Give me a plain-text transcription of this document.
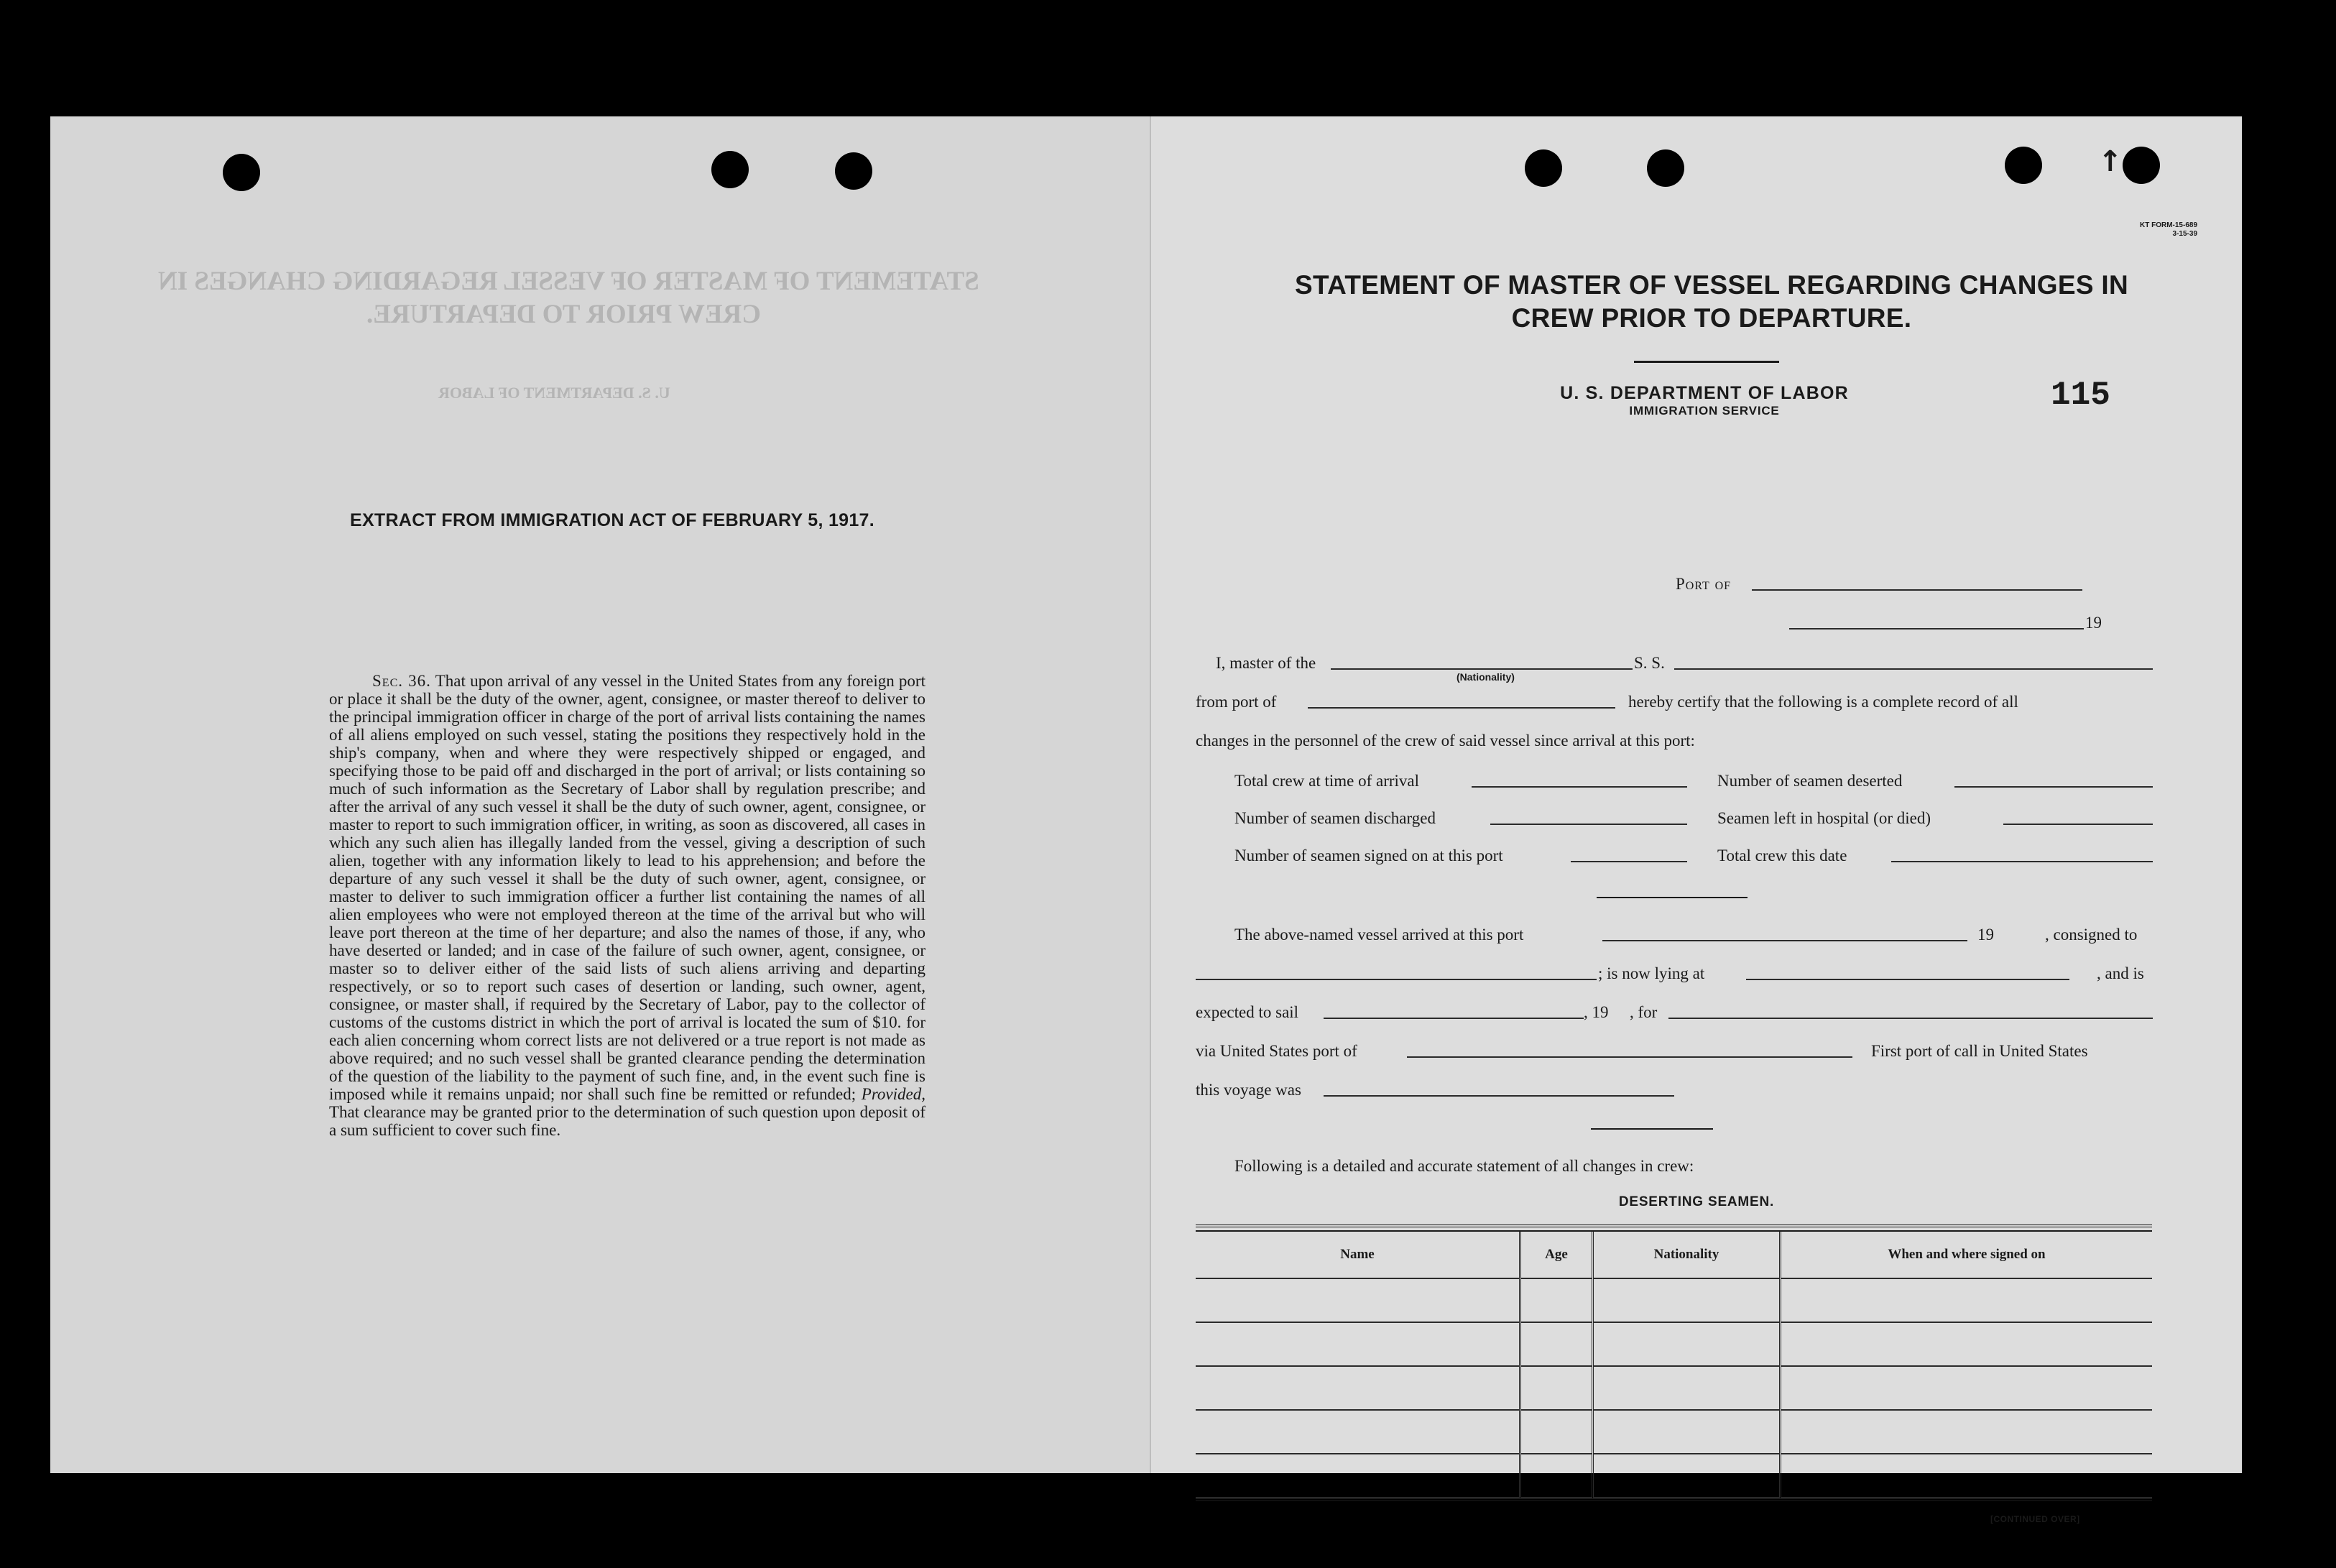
STATEMENT OF MASTER OF VESSEL REGARDING CHANGES IN
CREW PRIOR TO DEPARTURE.
U. S. DEPARTMENT OF LABOR
EXTRACT FROM IMMIGRATION ACT OF FEBRUARY 5, 1917.

Sec. 36. That upon arrival of any vessel in the United States from any foreign port or place it shall be the duty of the owner, agent, consignee, or master thereof to deliver to the principal immigration officer in charge of the port of arrival lists containing the names of all aliens employed on such vessel, stating the positions they respectively hold in the ship's company, when and where they were respectively shipped or engaged, and specifying those to be paid off and discharged in the port of arrival; or lists containing so much of such information as the Secretary of Labor shall by regulation prescribe; and after the arrival of any such vessel it shall be the duty of such owner, agent, consignee, or master to report to such immigration officer, in writing, as soon as discovered, all cases in which any such alien has illegally landed from the vessel, giving a description of such alien, together with any information likely to lead to his apprehension; and before the departure of any such vessel it shall be the duty of such owner, agent, consignee, or master to deliver to such immigration officer a further list containing the names of all alien employees who were not employed thereon at the time of the arrival but who will leave port thereon at the time of her departure; and also the names of those, if any, who have deserted or landed; and in case of the failure of such owner, agent, consignee, or master so to deliver either of the said lists of such aliens arriving and departing respectively, or so to report such cases of desertion or landing, such owner, agent, consignee, or master shall, if required by the Secretary of Labor, pay to the collector of customs of the customs district in which the port of arrival is located the sum of $10. for each alien concerning whom correct lists are not delivered or a true report is not made as above required; and no such vessel shall be granted clearance pending the determination of the question of the liability to the payment of such fine, and, in the event such fine is imposed while it remains unpaid; nor shall such fine be remitted or refunded; Provided, That clearance may be granted prior to the determination of such question upon deposit of a sum sufficient to cover such fine.

↑
KT FORM-15-689
3-15-39
STATEMENT OF MASTER OF VESSEL REGARDING CHANGES IN
CREW PRIOR TO DEPARTURE.
U. S. DEPARTMENT OF LABOR
IMMIGRATION SERVICE	115
Port of
19
I, master of the
(Nationality)
S. S.
from port of	hereby certify that the following is a complete record of all
changes in the personnel of the crew of said vessel since arrival at this port:
Total crew at time of arrival	Number of seamen deserted
Number of seamen discharged	Seamen left in hospital (or died)
Number of seamen signed on at this port	Total crew this date
The above-named vessel arrived at this port	19	, consigned to
; is now lying at	, and is
expected to sail	, 19 , for
via United States port of	First port of call in United States
this voyage was
Following is a detailed and accurate statement of all changes in crew:
DESERTING SEAMEN.
Name	Age	Nationality	When and where signed on

[CONTINUED OVER]
